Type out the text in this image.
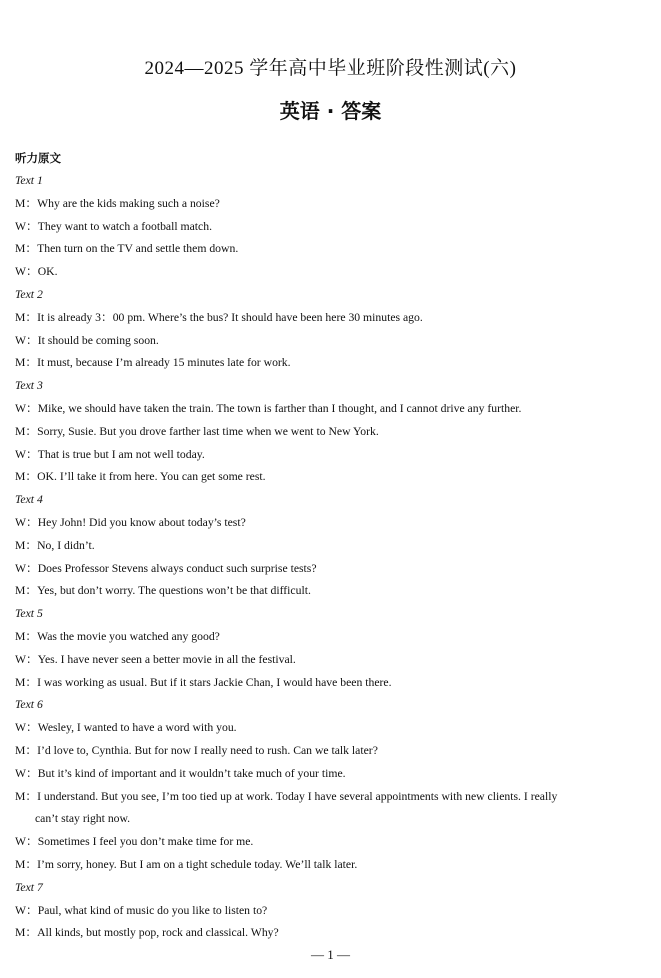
2024—2025 学年高中毕业班阶段性测试(六)
英语 · 答案
听力原文
Text 1
M：Why are the kids making such a noise?
W：They want to watch a football match.
M：Then turn on the TV and settle them down.
W：OK.
Text 2
M：It is already 3：00 pm. Where’s the bus? It should have been here 30 minutes ago.
W：It should be coming soon.
M：It must, because I’m already 15 minutes late for work.
Text 3
W：Mike, we should have taken the train. The town is farther than I thought, and I cannot drive any further.
M：Sorry, Susie. But you drove farther last time when we went to New York.
W：That is true but I am not well today.
M：OK. I’ll take it from here. You can get some rest.
Text 4
W：Hey John! Did you know about today’s test?
M：No, I didn’t.
W：Does Professor Stevens always conduct such surprise tests?
M：Yes, but don’t worry. The questions won’t be that difficult.
Text 5
M：Was the movie you watched any good?
W：Yes. I have never seen a better movie in all the festival.
M：I was working as usual. But if it stars Jackie Chan, I would have been there.
Text 6
W：Wesley, I wanted to have a word with you.
M：I’d love to, Cynthia. But for now I really need to rush. Can we talk later?
W：But it’s kind of important and it wouldn’t take much of your time.
M：I understand. But you see, I’m too tied up at work. Today I have several appointments with new clients. I really
can’t stay right now.
W：Sometimes I feel you don’t make time for me.
M：I’m sorry, honey. But I am on a tight schedule today. We’ll talk later.
Text 7
W：Paul, what kind of music do you like to listen to?
M：All kinds, but mostly pop, rock and classical. Why?
— 1 —
